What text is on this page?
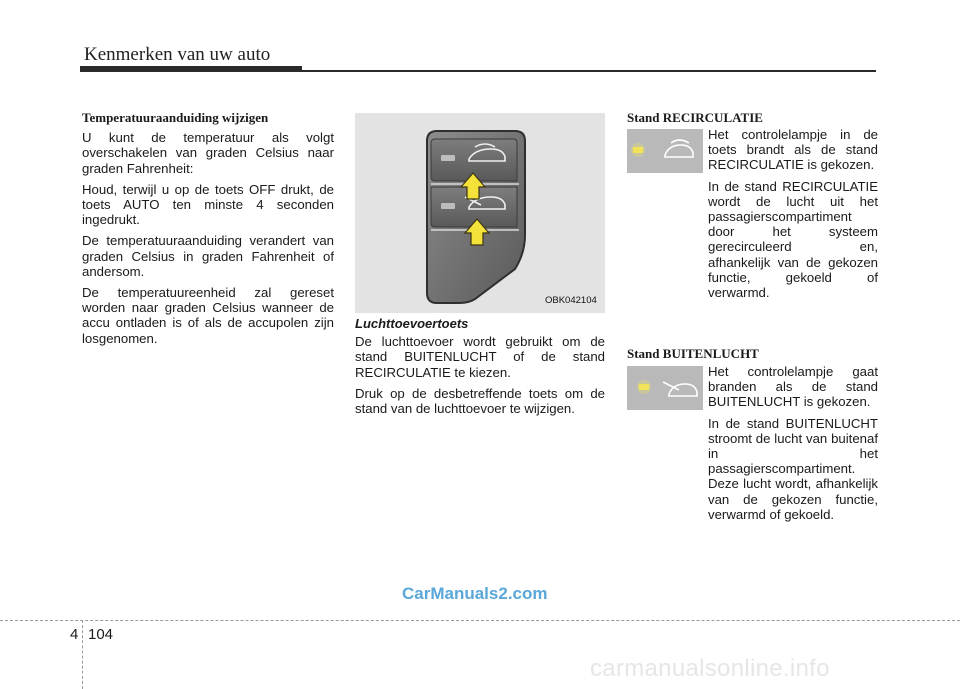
Kenmerken van uw auto
Temperatuuraanduiding wijzigen

U kunt de temperatuur als volgt overschakelen van graden Celsius naar graden Fahrenheit:

Houd, terwijl u op de toets OFF drukt, de toets AUTO ten minste 4 seconden ingedrukt.

De temperatuuraanduiding verandert van graden Celsius in graden Fahrenheit of andersom.

De temperatuureenheid zal gereset worden naar graden Celsius wanneer de accu ontladen is of als de accupolen zijn losgenomen.

OBK042104
Luchttoevoertoets

De luchttoevoer wordt gebruikt om de stand BUITENLUCHT of de stand RECIRCULATIE te kiezen.

Druk op de desbetreffende toets om de stand van de luchttoevoer te wijzigen.

Stand RECIRCULATIE

Het controlelampje in de toets brandt als de stand RECIRCULATIE is gekozen.

In de stand RECIRCULATIE wordt de lucht uit het passagierscompartiment door het systeem gerecirculeerd en, afhankelijk van de gekozen functie, gekoeld of verwarmd.

Stand BUITENLUCHT

Het controlelampje gaat branden als de stand BUITENLUCHT is gekozen.

In de stand BUITENLUCHT stroomt de lucht van buitenaf in het passagierscompartiment. Deze lucht wordt, afhankelijk van de gekozen functie, verwarmd of gekoeld.

CarManuals2.com
4 104
carmanualsonline.info
